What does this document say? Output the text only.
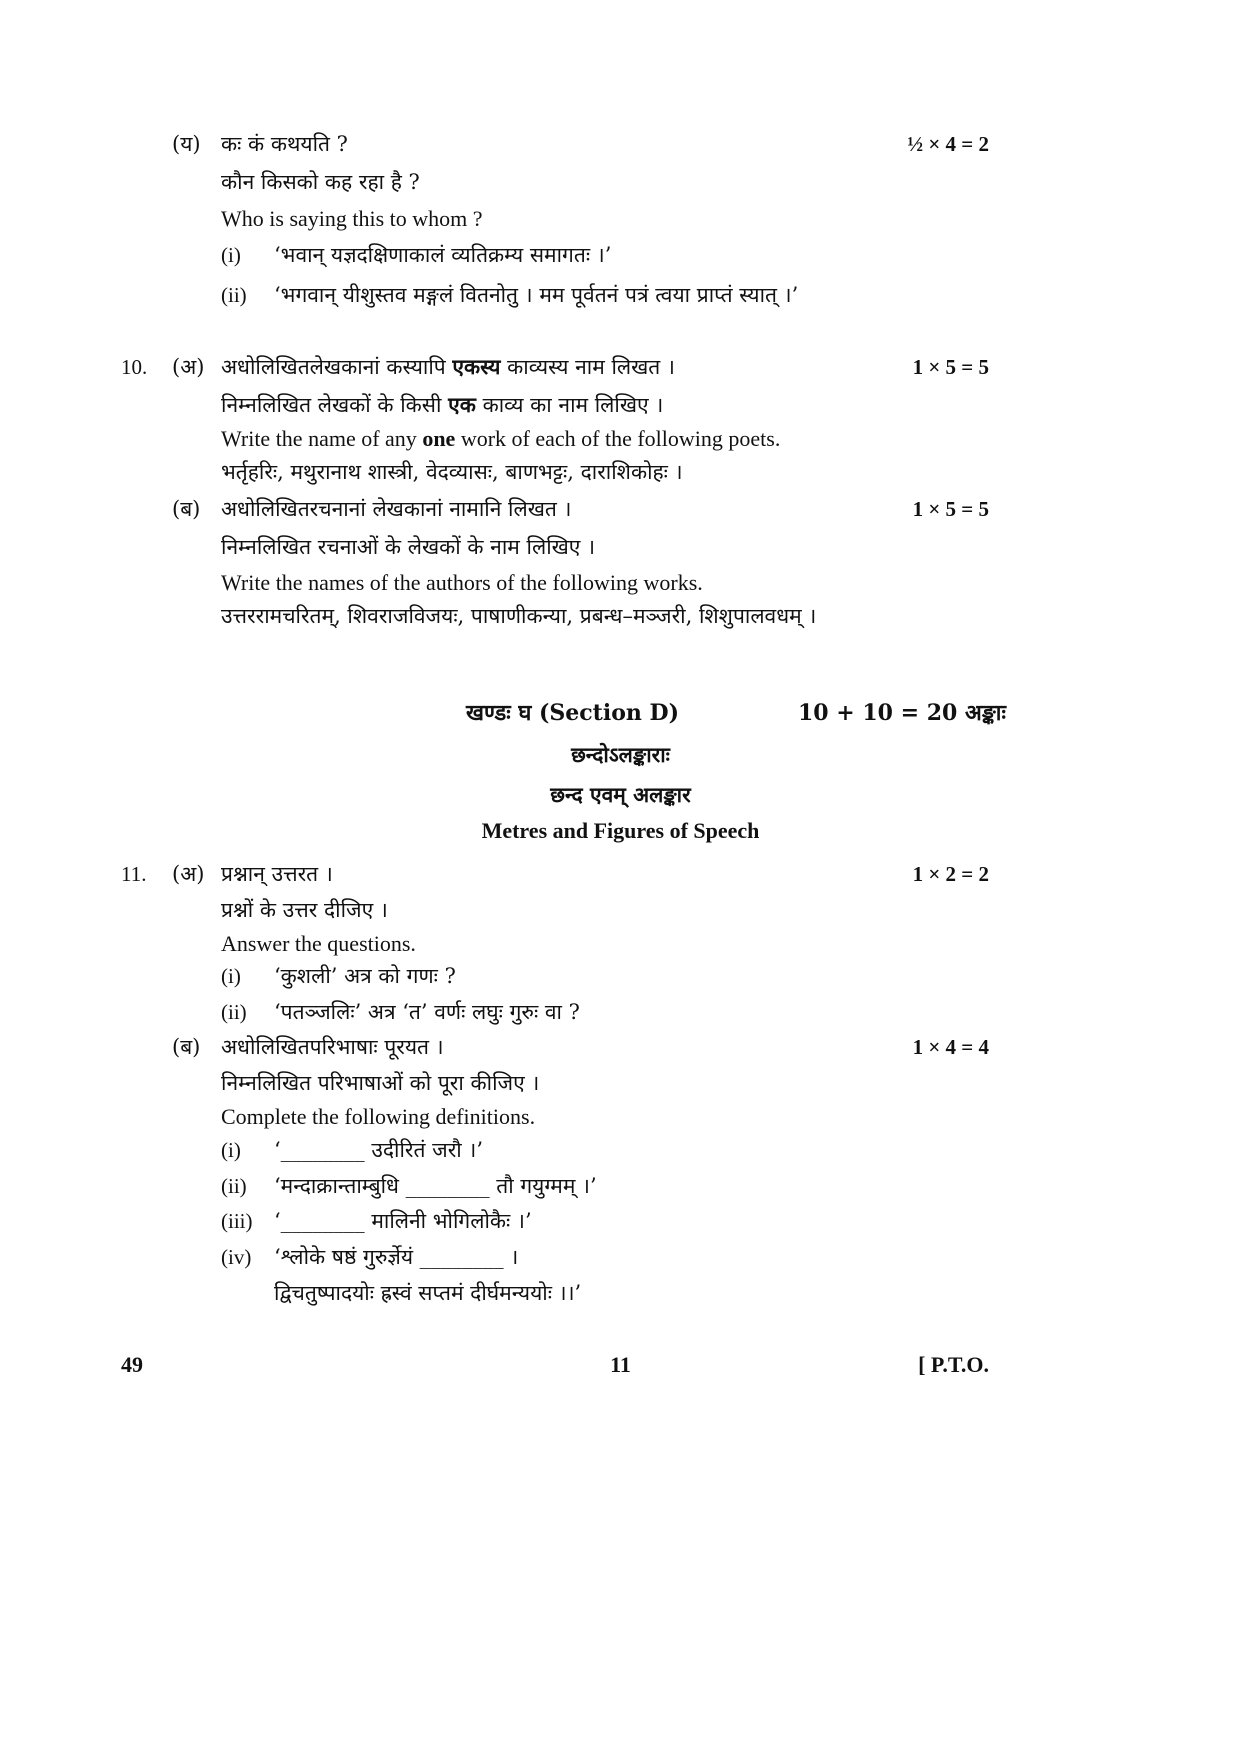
(य) कः कं कथयति ?	½ × 4 = 2
कौन किसको कह रहा है ?
Who is saying this to whom ?
(i) ‘भवान् यज्ञदक्षिणाकालं व्यतिक्रम्य समागतः ।’
(ii) ‘भगवान् यीशुस्तव मङ्गलं वितनोतु । मम पूर्वतनं पत्रं त्वया प्राप्तं स्यात् ।’
10. (अ) अधोलिखितलेखकानां कस्यापि एकस्य काव्यस्य नाम लिखत ।	1 × 5 = 5
निम्नलिखित लेखकों के किसी एक काव्य का नाम लिखिए ।
Write the name of any one work of each of the following poets.
भर्तृहरिः, मथुरानाथ शास्त्री, वेदव्यासः, बाणभट्टः, दाराशिकोहः ।
(ब) अधोलिखितरचनानां लेखकानां नामानि लिखत ।	1 × 5 = 5
निम्नलिखित रचनाओं के लेखकों के नाम लिखिए ।
Write the names of the authors of the following works.
उत्तररामचरितम्, शिवराजविजयः, पाषाणीकन्या, प्रबन्ध–मञ्जरी, शिशुपालवधम् ।
खण्डः घ (Section D)	10 + 10 = 20 अङ्काः
छन्दोऽलङ्काराः
छन्द एवम् अलङ्कार
Metres and Figures of Speech
11. (अ) प्रश्नान् उत्तरत ।	1 × 2 = 2
प्रश्नों के उत्तर दीजिए ।
Answer the questions.
(i) ‘कुशली’ अत्र को गणः ?
(ii) ‘पतञ्जलिः’ अत्र ‘त’ वर्णः लघुः गुरुः वा ?
(ब) अधोलिखितपरिभाषाः पूरयत ।	1 × 4 = 4
निम्नलिखित परिभाषाओं को पूरा कीजिए ।
Complete the following definitions.
(i) ‘________ उदीरितं जरौ ।’
(ii) ‘मन्दाक्रान्ताम्बुधि ________ तौ गयुग्मम् ।’
(iii) ‘________ मालिनी भोगिलोकैः ।’
(iv) ‘श्लोके षष्ठं गुरुर्ज्ञेयं ________ ।
द्विचतुष्पादयोः ह्रस्वं सप्तमं दीर्घमन्ययोः ।।’
49	11	[ P.T.O.
